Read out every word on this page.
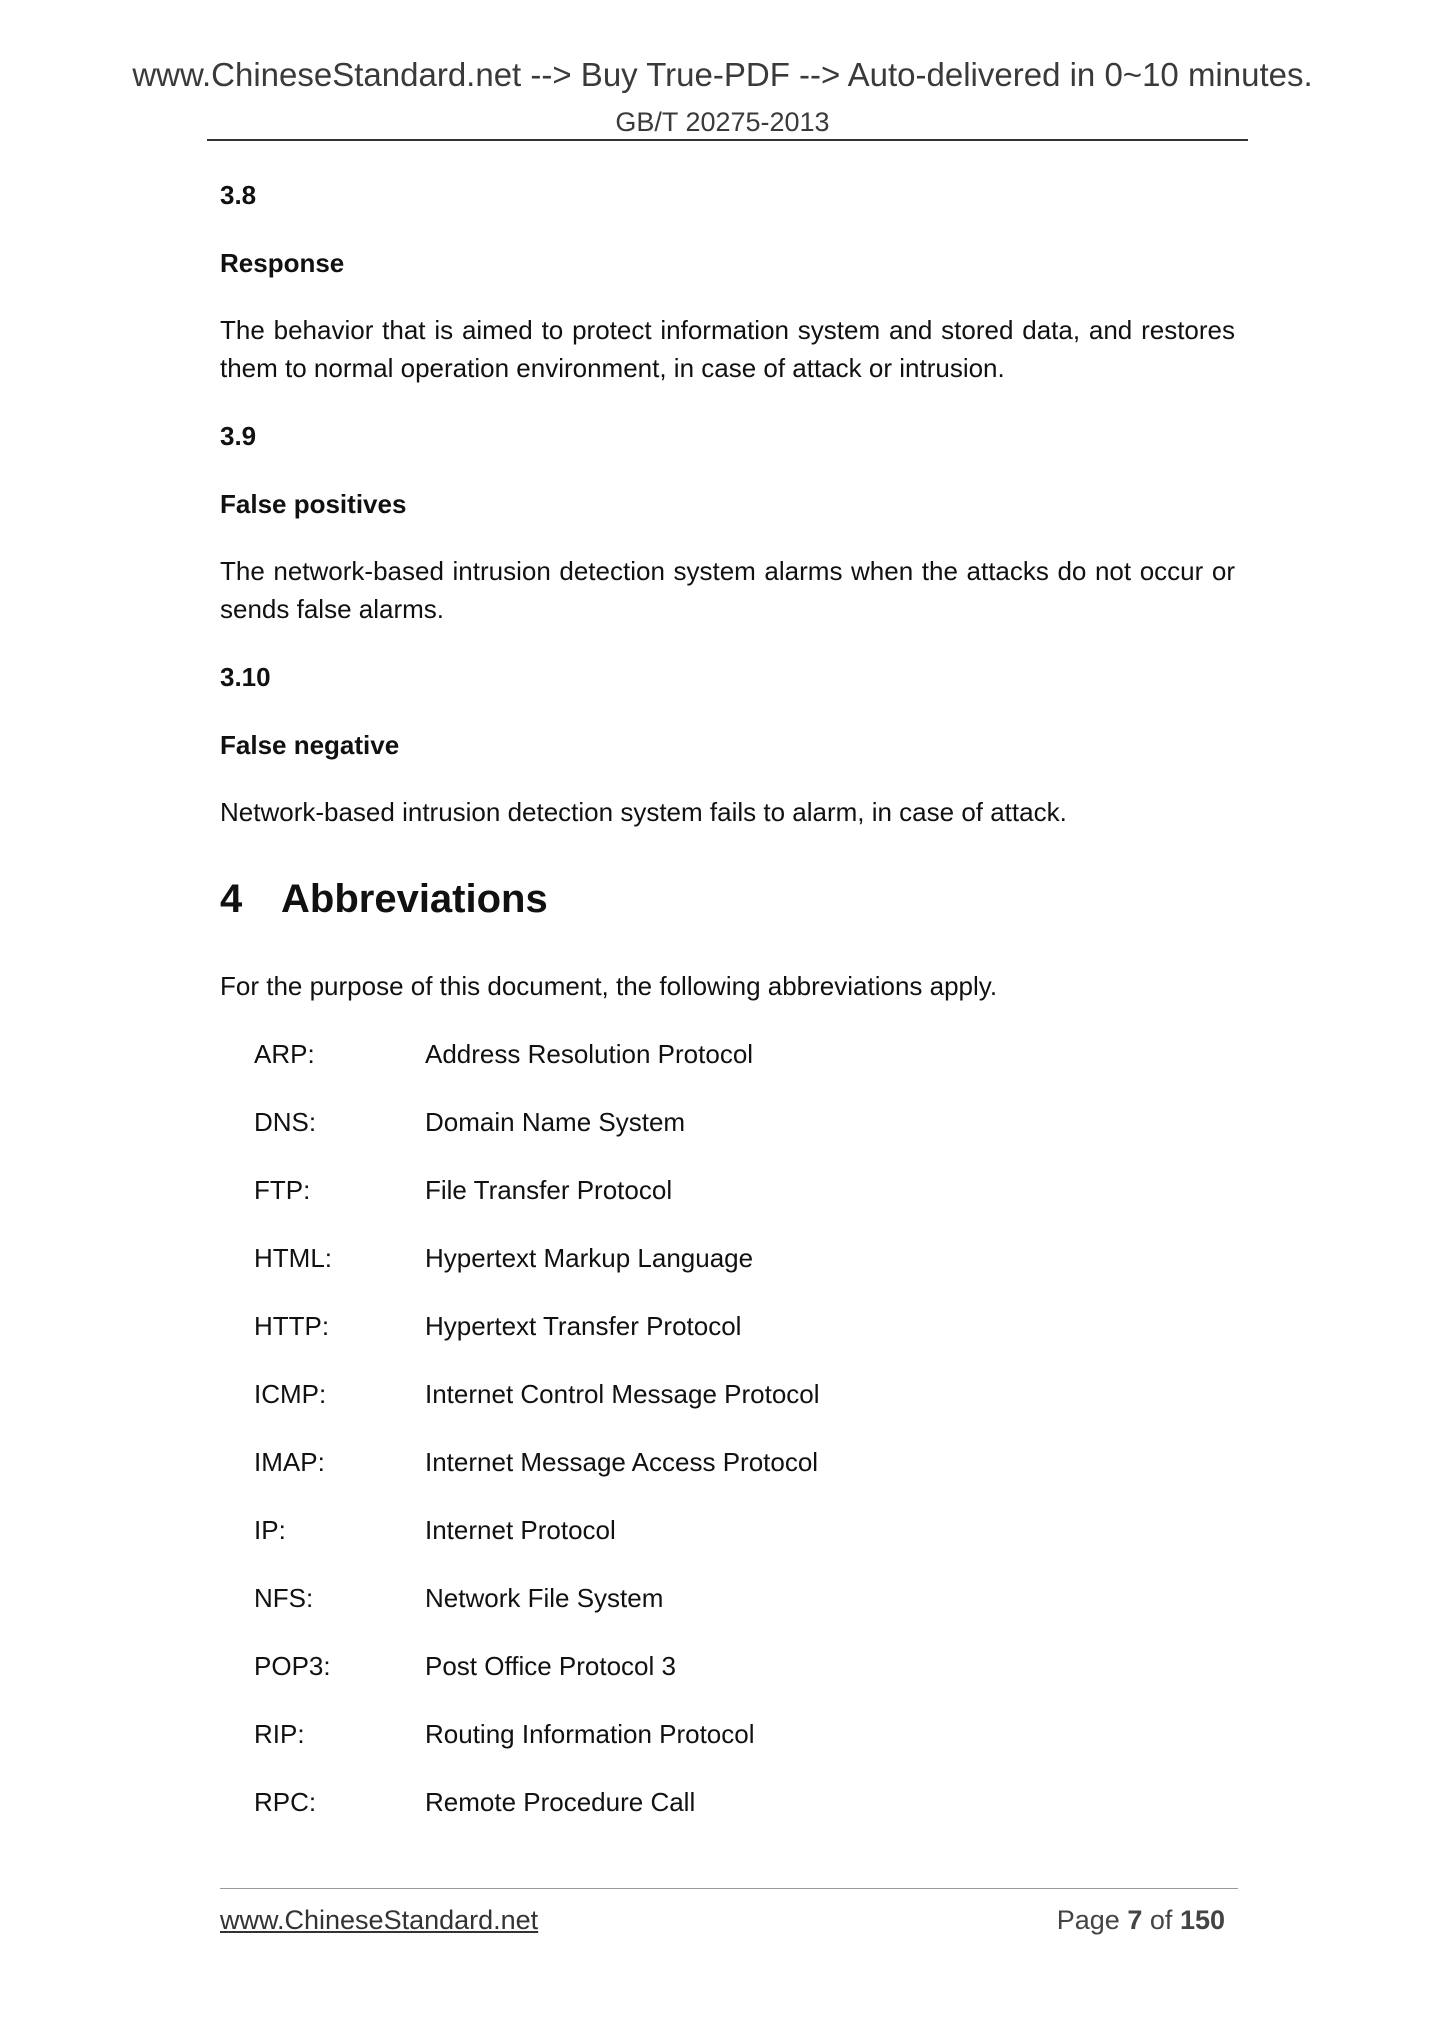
www.ChineseStandard.net --> Buy True-PDF --> Auto-delivered in 0~10 minutes.
GB/T 20275-2013
3.8
Response
The behavior that is aimed to protect information system and stored data, and restores them to normal operation environment, in case of attack or intrusion.
3.9
False positives
The network-based intrusion detection system alarms when the attacks do not occur or sends false alarms.
3.10
False negative
Network-based intrusion detection system fails to alarm, in case of attack.
4 Abbreviations
For the purpose of this document, the following abbreviations apply.
ARP:	Address Resolution Protocol
DNS:	Domain Name System
FTP:	File Transfer Protocol
HTML:	Hypertext Markup Language
HTTP:	Hypertext Transfer Protocol
ICMP:	Internet Control Message Protocol
IMAP:	Internet Message Access Protocol
IP:	Internet Protocol
NFS:	Network File System
POP3:	Post Office Protocol 3
RIP:	Routing Information Protocol
RPC:	Remote Procedure Call
www.ChineseStandard.net	Page 7 of 150
